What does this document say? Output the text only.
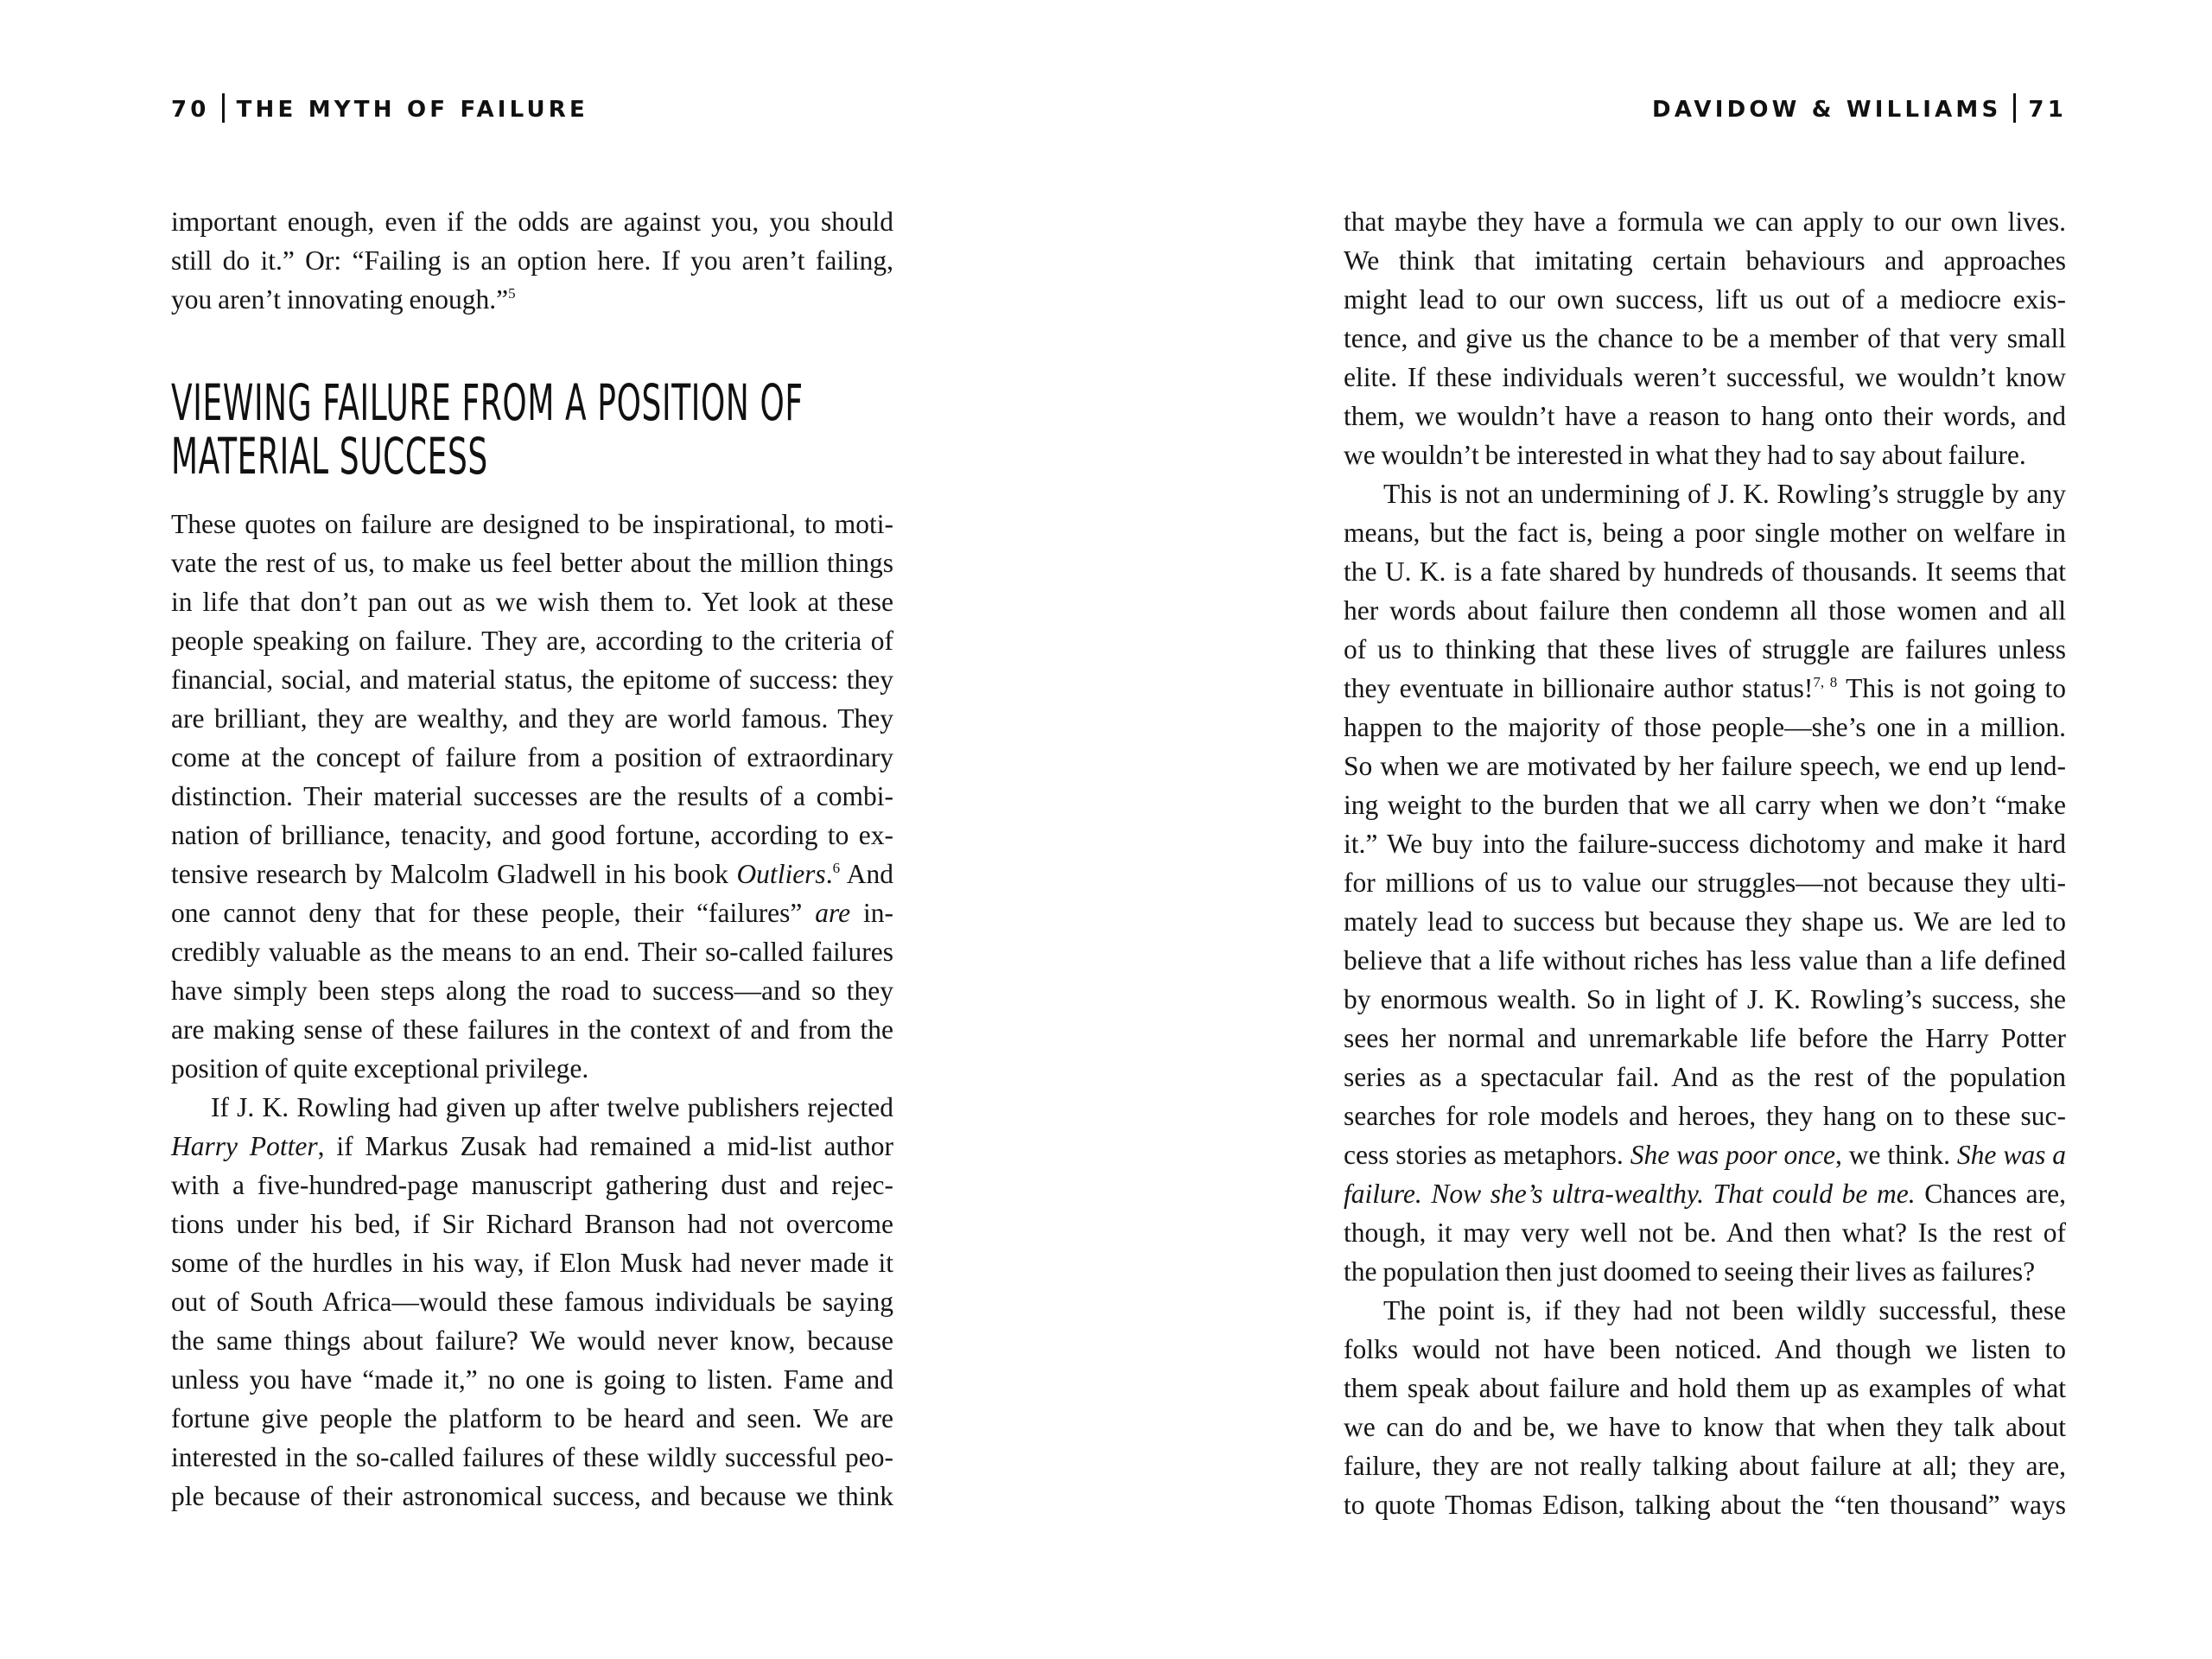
70 THE MYTH OF FAILURE
important enough, even if the odds are against you, you should
still do it.” Or: “Failing is an option here. If you aren’t failing,
you aren’t innovating enough.”$^5$
VIEWING FAILURE FROM A POSITION OF
MATERIAL SUCCESS
These quotes on failure are designed to be inspirational, to moti-
vate the rest of us, to make us feel better about the million things
in life that don’t pan out as we wish them to. Yet look at these
people speaking on failure. They are, according to the criteria of
financial, social, and material status, the epitome of success: they
are brilliant, they are wealthy, and they are world famous. They
come at the concept of failure from a position of extraordinary
distinction. Their material successes are the results of a combi-
nation of brilliance, tenacity, and good fortune, according to ex-
tensive research by Malcolm Gladwell in his book Outliers.$^6$ And
one cannot deny that for these people, their “failures” are in-
credibly valuable as the means to an end. Their so-called failures
have simply been steps along the road to success—and so they
are making sense of these failures in the context of and from the
position of quite exceptional privilege.
If J. K. Rowling had given up after twelve publishers rejected
Harry Potter, if Markus Zusak had remained a mid-list author
with a five-hundred-page manuscript gathering dust and rejec-
tions under his bed, if Sir Richard Branson had not overcome
some of the hurdles in his way, if Elon Musk had never made it
out of South Africa—would these famous individuals be saying
the same things about failure? We would never know, because
unless you have “made it,” no one is going to listen. Fame and
fortune give people the platform to be heard and seen. We are
interested in the so-called failures of these wildly successful peo-
ple because of their astronomical success, and because we think
DAVIDOW & WILLIAMS 71
that maybe they have a formula we can apply to our own lives.
We think that imitating certain behaviours and approaches
might lead to our own success, lift us out of a mediocre exis-
tence, and give us the chance to be a member of that very small
elite. If these individuals weren’t successful, we wouldn’t know
them, we wouldn’t have a reason to hang onto their words, and
we wouldn’t be interested in what they had to say about failure.
This is not an undermining of J. K. Rowling’s struggle by any
means, but the fact is, being a poor single mother on welfare in
the U. K. is a fate shared by hundreds of thousands. It seems that
her words about failure then condemn all those women and all
of us to thinking that these lives of struggle are failures unless
they eventuate in billionaire author status!$^{7, 8}$ This is not going to
happen to the majority of those people—she’s one in a million.
So when we are motivated by her failure speech, we end up lend-
ing weight to the burden that we all carry when we don’t “make
it.” We buy into the failure-success dichotomy and make it hard
for millions of us to value our struggles—not because they ulti-
mately lead to success but because they shape us. We are led to
believe that a life without riches has less value than a life defined
by enormous wealth. So in light of J. K. Rowling’s success, she
sees her normal and unremarkable life before the Harry Potter
series as a spectacular fail. And as the rest of the population
searches for role models and heroes, they hang on to these suc-
cess stories as metaphors. She was poor once, we think. She was a
failure. Now she’s ultra-wealthy. That could be me. Chances are,
though, it may very well not be. And then what? Is the rest of
the population then just doomed to seeing their lives as failures?
The point is, if they had not been wildly successful, these
folks would not have been noticed. And though we listen to
them speak about failure and hold them up as examples of what
we can do and be, we have to know that when they talk about
failure, they are not really talking about failure at all; they are,
to quote Thomas Edison, talking about the “ten thousand” ways
